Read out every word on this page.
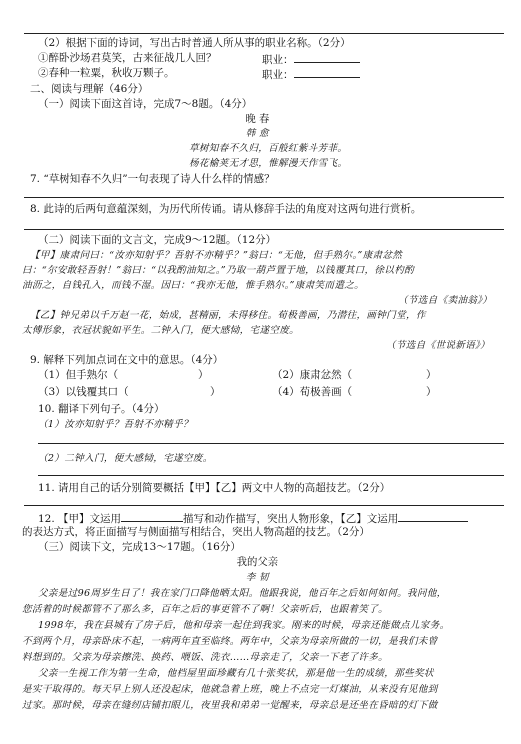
（2）根据下面的诗词，写出古时普通人所从事的职业名称。（2分）
①醉卧沙场君莫笑，古来征战几人回？	职业：
②春种一粒粟，秋收万颗子。	职业：
二、阅读与理解（46分）
（一）阅读下面这首诗，完成7～8题。（4分）
晚 春
韩 愈
草树知春不久归，百般红紫斗芳菲。
杨花榆荚无才思，惟解漫天作雪飞。
7. “草树知春不久归”一句表现了诗人什么样的情感？
8. 此诗的后两句意蕴深刻，为历代所传诵。请从修辞手法的角度对这两句进行赏析。
（二）阅读下面的文言文，完成9～12题。（12分）
【甲】康肃问曰：“汝亦知射乎？吾射不亦精乎？”翁曰：“无他，但手熟尔。”康肃忿然
曰：“尔安敢轻吾射！”翁曰：“以我酌油知之。”乃取一葫芦置于地，以钱覆其口，徐以杓酌
油沥之，自钱孔入，而钱不湿。因曰：“我亦无他，惟手熟尔。”康肃笑而遣之。
（节选自《卖油翁》）
【乙】钟兄弟以千万赵一花，始成，甚精丽，未得移住。荀极善画，乃潜往，画钟门堂，作
太傅形象，衣冠状貌如平生。二钟入门，便大感恸，宅遂空废。
（节选自《世说新语》）
9. 解释下列加点词在文中的意思。（4分）
（1）但手熟尔（	）	（2）康肃忿然（	）
（3）以钱覆其口（	）	（4）荀极善画（	）
10. 翻译下列句子。（4分）
（1）汝亦知射乎？吾射不亦精乎？
（2）二钟入门，便大感恸，宅遂空废。
11. 请用自己的话分别简要概括【甲】【乙】两文中人物的高超技艺。（2分）
12. 【甲】文运用	描写和动作描写，突出人物形象，【乙】文运用
的表达方式，将正面描写与侧面描写相结合，突出人物高超的技艺。（2分）
（三）阅读下文，完成13～17题。（16分）
我的父亲
李 韧
父亲是过96周岁生日了！我在家门口降他晒太阳。他跟我说，他百年之后如何如何。我问他，
您活着的时候都管不了那么多，百年之后的事更管不了啊！父亲听后，也跟着笑了。
1998年，我在县城有了房子后，他和母亲一起住到我家。刚来的时候，母亲还能做点儿家务。
不到两个月，母亲卧床不起，一病两年直至临终。两年中，父亲为母亲所做的一切，是我们未曾
料想到的。父亲为母亲擦洗、换药、喂饭、洗衣……母亲走了，父亲一下老了许多。
父亲一生视工作为第一生命，他档屋里面珍藏有几十张奖状，那是他一生的成绩，那些奖状
是实干取得的。每天早上别人还没起床，他就急着上班，晚上不点完一灯煤油，从来没有见他到
过家。那时候，母亲在缝纫店铺扣眼儿，夜里我和弟弟一觉醒来，母亲总是还坐在昏暗的灯下做
